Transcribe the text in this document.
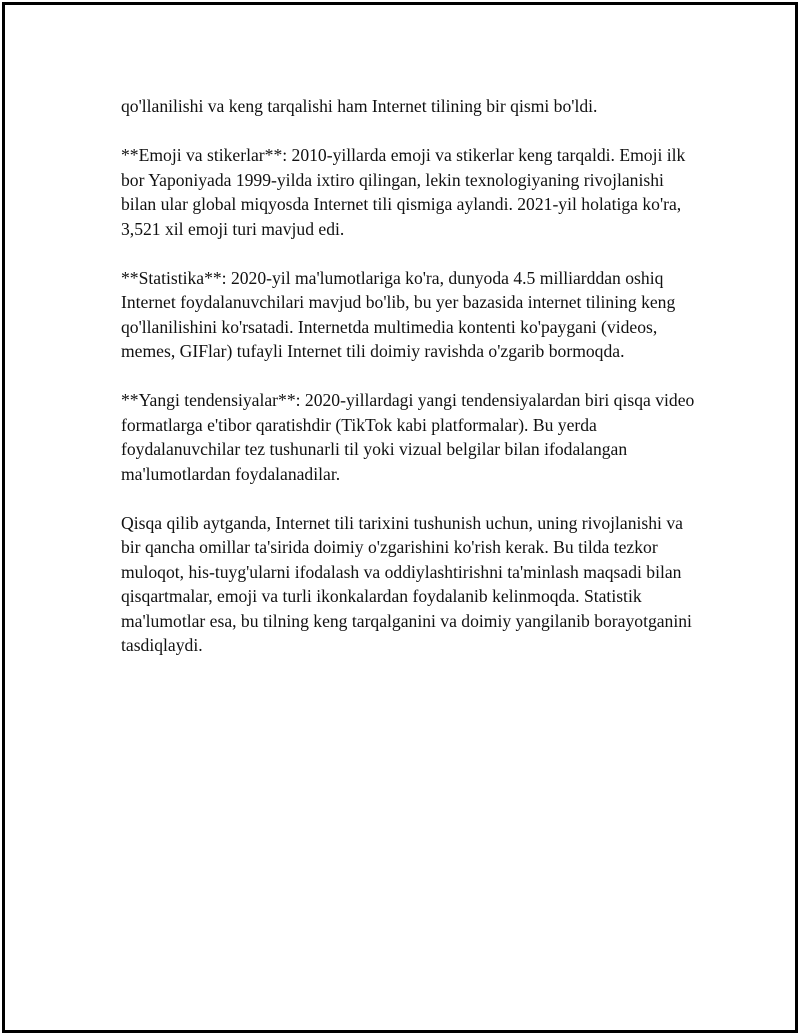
qo'llanilishi va keng tarqalishi ham Internet tilining bir qismi bo'ldi.

**Emoji va stikerlar**: 2010-yillarda emoji va stikerlar keng tarqaldi. Emoji ilk bor Yaponiyada 1999-yilda ixtiro qilingan, lekin texnologiyaning rivojlanishi bilan ular global miqyosda Internet tili qismiga aylandi. 2021-yil holatiga ko'ra, 3,521 xil emoji turi mavjud edi.

**Statistika**: 2020-yil ma'lumotlariga ko'ra, dunyoda 4.5 milliarddan oshiq Internet foydalanuvchilari mavjud bo'lib, bu yer bazasida internet tilining keng qo'llanilishini ko'rsatadi. Internetda multimedia kontenti ko'paygani (videos, memes, GIFlar) tufayli Internet tili doimiy ravishda o'zgarib bormoqda.

**Yangi tendensiyalar**: 2020-yillardagi yangi tendensiyalardan biri qisqa video formatlarga e'tibor qaratishdir (TikTok kabi platformalar). Bu yerda foydalanuvchilar tez tushunarli til yoki vizual belgilar bilan ifodalangan ma'lumotlardan foydalanadilar.

Qisqa qilib aytganda, Internet tili tarixini tushunish uchun, uning rivojlanishi va bir qancha omillar ta'sirida doimiy o'zgarishini ko'rish kerak. Bu tilda tezkor muloqot, his-tuyg'ularni ifodalash va oddiylashtirishni ta'minlash maqsadi bilan qisqartmalar, emoji va turli ikonkalardan foydalanib kelinmoqda. Statistik ma'lumotlar esa, bu tilning keng tarqalganini va doimiy yangilanib borayotganini tasdiqlaydi.
